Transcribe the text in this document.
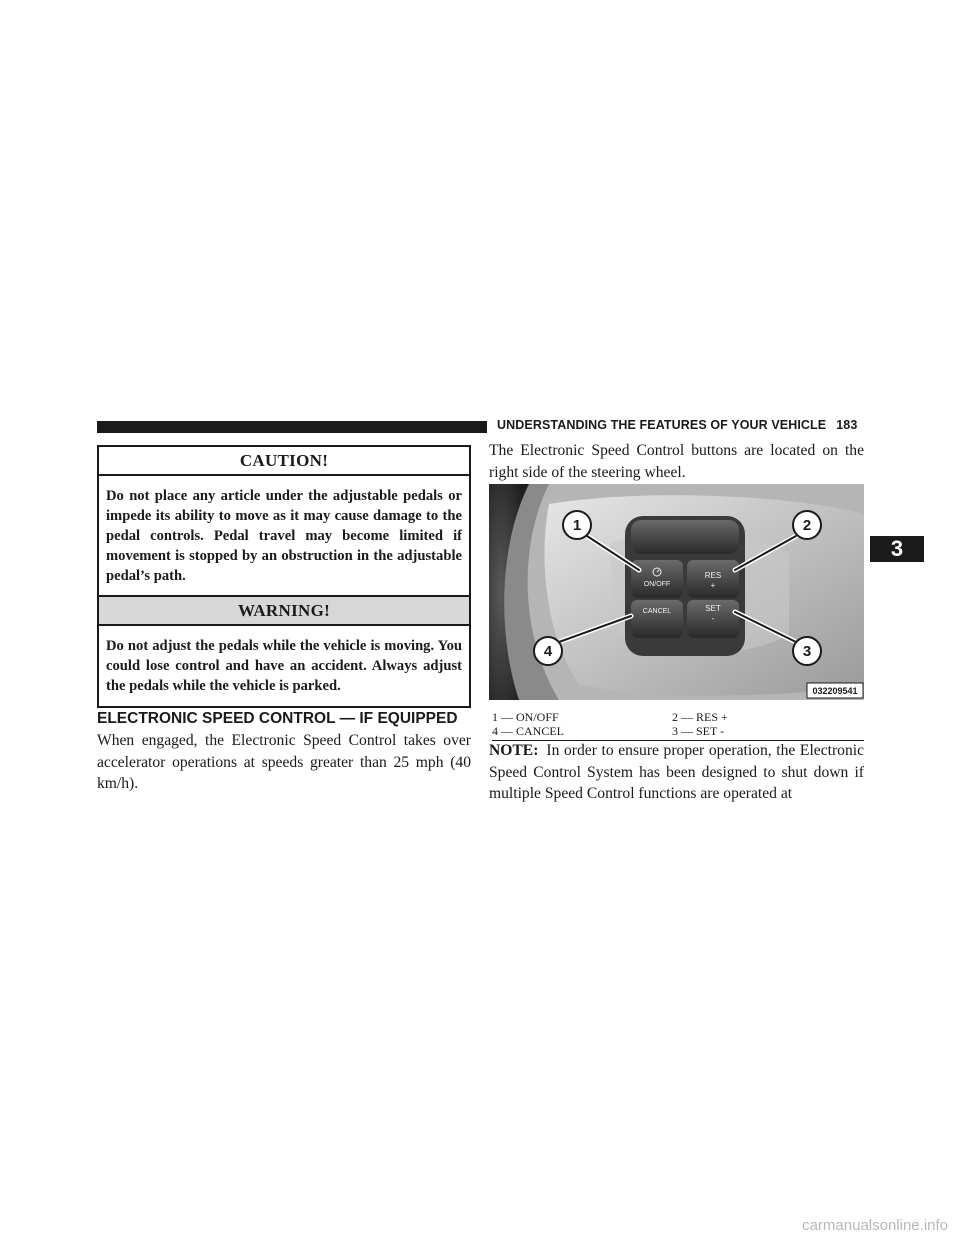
UNDERSTANDING THE FEATURES OF YOUR VEHICLE 183
CAUTION!
Do not place any article under the adjustable pedals or impede its ability to move as it may cause damage to the pedal controls. Pedal travel may become limited if movement is stopped by an obstruction in the adjustable pedal’s path.
WARNING!
Do not adjust the pedals while the vehicle is moving. You could lose control and have an accident. Always adjust the pedals while the vehicle is parked.
ELECTRONIC SPEED CONTROL — IF EQUIPPED
When engaged, the Electronic Speed Control takes over accelerator operations at speeds greater than 25 mph (40 km/h).
The Electronic Speed Control buttons are located on the right side of the steering wheel.
ON/OFF
RES
+
CANCEL	SET
-
1	2
3
4
032209541
1 — ON/OFF	2 — RES +
4 — CANCEL	3 — SET -
NOTE: In order to ensure proper operation, the Electronic Speed Control System has been designed to shut down if multiple Speed Control functions are operated at
3
carmanualsonline.info
